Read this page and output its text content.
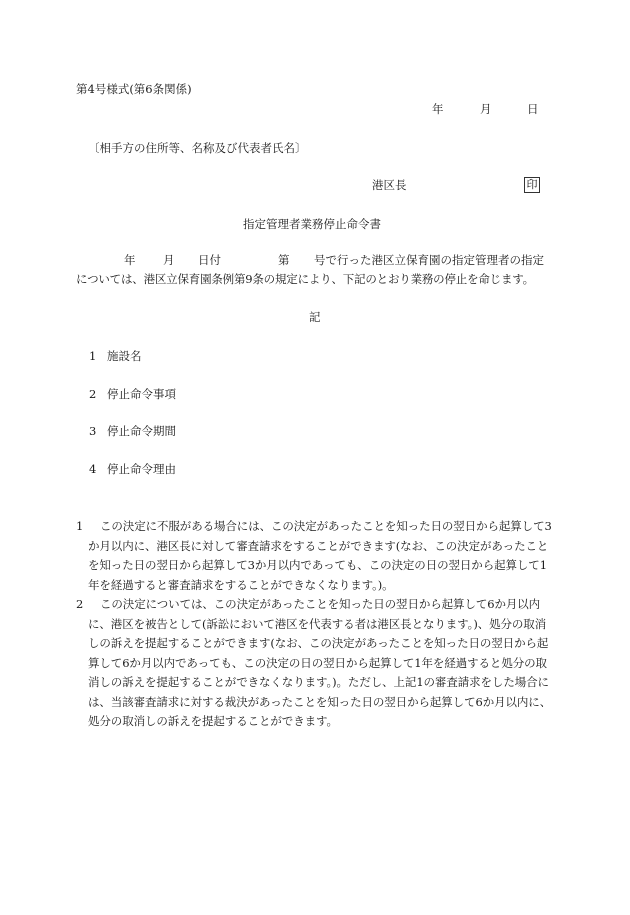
第4号様式(第6条関係)
年	月	日
〔相手方の住所等、名称及び代表者氏名〕
港区長	印
指定管理者業務停止命令書
年 月 日付	第 号で行った港区立保育園の指定管理者の指定
については、港区立保育園条例第9条の規定により、下記のとおり業務の停止を命じます。
記
1 施設名
2 停止命令事項
3 停止命令期間
4 停止命令理由
1	この決定に不服がある場合には、この決定があったことを知った日の翌日から起算して3か月以内に、港区長に対して審査請求をすることができます(なお、この決定があったことを知った日の翌日から起算して3か月以内であっても、この決定の日の翌日から起算して1年を経過すると審査請求をすることができなくなります。)。
2	この決定については、この決定があったことを知った日の翌日から起算して6か月以内に、港区を被告として(訴訟において港区を代表する者は港区長となります。)、処分の取消しの訴えを提起することができます(なお、この決定があったことを知った日の翌日から起算して6か月以内であっても、この決定の日の翌日から起算して1年を経過すると処分の取消しの訴えを提起することができなくなります。)。ただし、上記1の審査請求をした場合には、当該審査請求に対する裁決があったことを知った日の翌日から起算して6か月以内に、処分の取消しの訴えを提起することができます。
